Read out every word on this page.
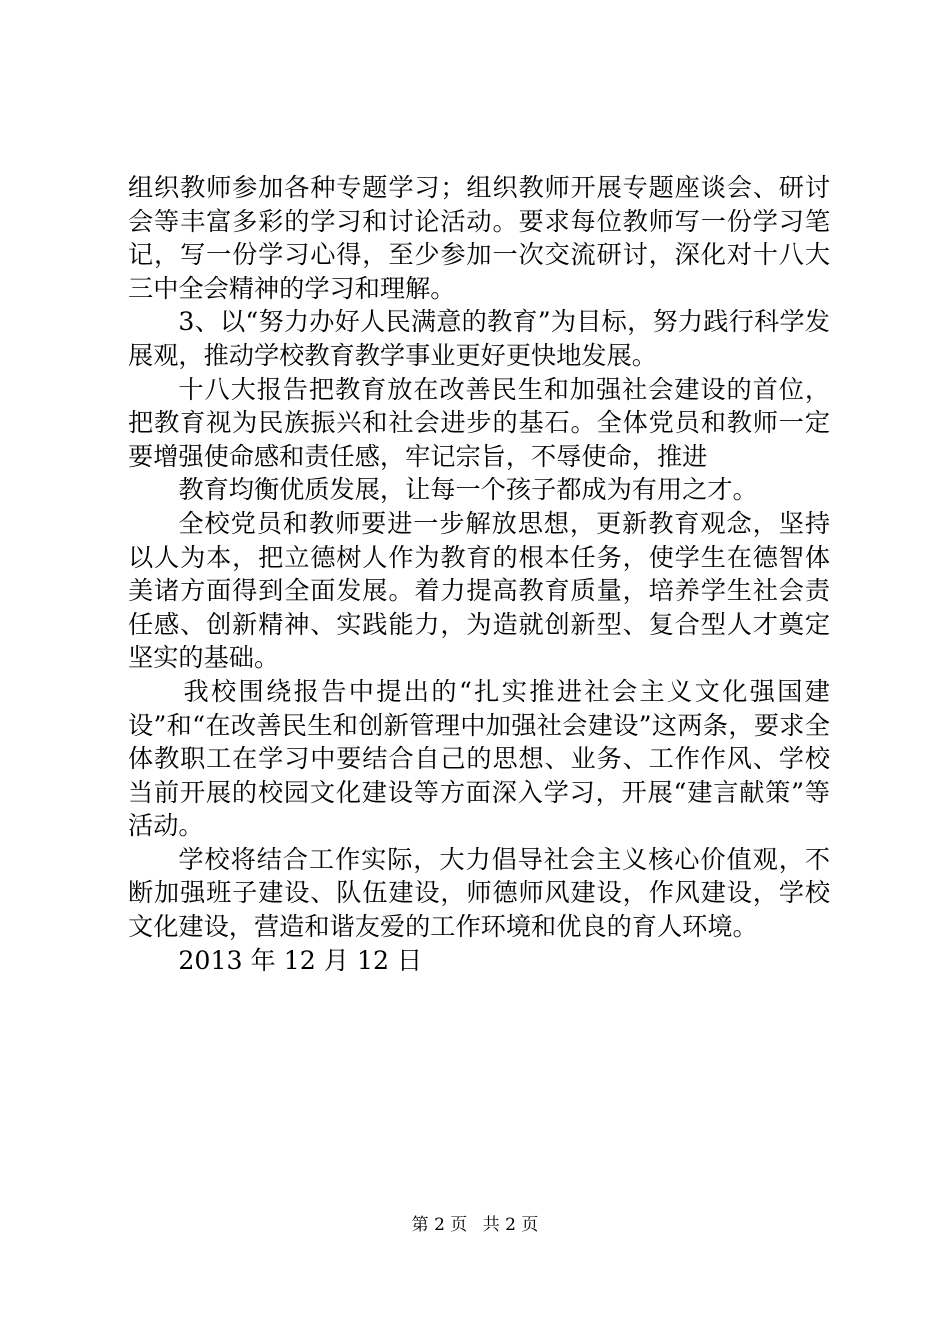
组织教师参加各种专题学习；组织教师开展专题座谈会、研讨会等丰富多彩的学习和讨论活动。要求每位教师写一份学习笔记，写一份学习心得，至少参加一次交流研讨，深化对十八大三中全会精神的学习和理解。

3、以“努力办好人民满意的教育”为目标，努力践行科学发展观，推动学校教育教学事业更好更快地发展。

十八大报告把教育放在改善民生和加强社会建设的首位，把教育视为民族振兴和社会进步的基石。全体党员和教师一定要增强使命感和责任感，牢记宗旨，不辱使命，推进

教育均衡优质发展，让每一个孩子都成为有用之才。

全校党员和教师要进一步解放思想，更新教育观念，坚持以人为本，把立德树人作为教育的根本任务，使学生在德智体美诸方面得到全面发展。着力提高教育质量，培养学生社会责任感、创新精神、实践能力，为造就创新型、复合型人才奠定坚实的基础。

我校围绕报告中提出的“扎实推进社会主义文化强国建设”和“在改善民生和创新管理中加强社会建设”这两条，要求全体教职工在学习中要结合自己的思想、业务、工作作风、学校当前开展的校园文化建设等方面深入学习，开展“建言献策”等活动。

学校将结合工作实际，大力倡导社会主义核心价值观，不断加强班子建设、队伍建设，师德师风建设，作风建设，学校文化建设，营造和谐友爱的工作环境和优良的育人环境。

2013 年 12 月 12 日

第 2 页 共 2 页
